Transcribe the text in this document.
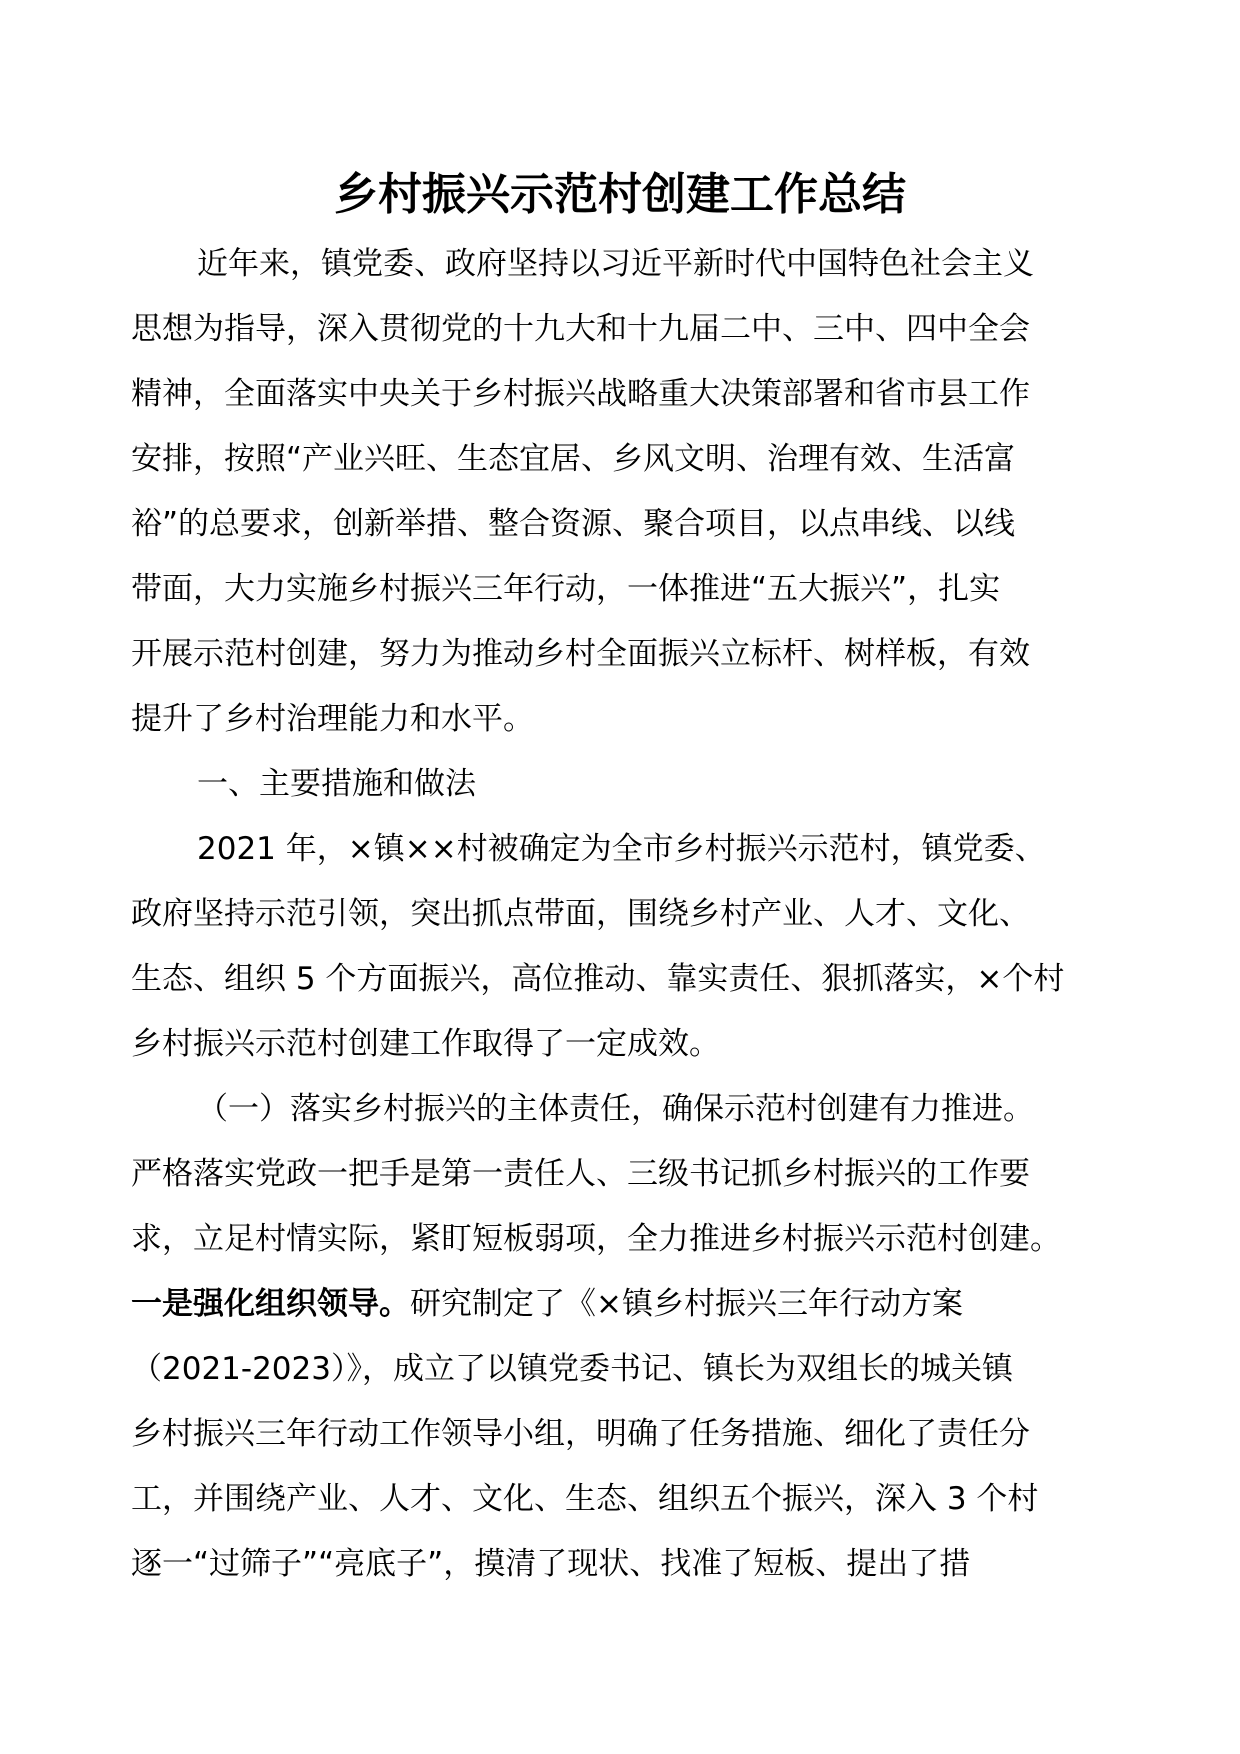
乡村振兴示范村创建工作总结
近年来，镇党委、政府坚持以习近平新时代中国特色社会主义
思想为指导，深入贯彻党的十九大和十九届二中、三中、四中全会
精神，全面落实中央关于乡村振兴战略重大决策部署和省市县工作
安排，按照“产业兴旺、生态宜居、乡风文明、治理有效、生活富
裕”的总要求，创新举措、整合资源、聚合项目，以点串线、以线
带面，大力实施乡村振兴三年行动，一体推进“五大振兴”，扎实
开展示范村创建，努力为推动乡村全面振兴立标杆、树样板，有效
提升了乡村治理能力和水平。
一、主要措施和做法
2021 年，×镇××村被确定为全市乡村振兴示范村，镇党委、
政府坚持示范引领，突出抓点带面，围绕乡村产业、人才、文化、
生态、组织 5 个方面振兴，高位推动、靠实责任、狠抓落实，×个村
乡村振兴示范村创建工作取得了一定成效。
（一）落实乡村振兴的主体责任，确保示范村创建有力推进。
严格落实党政一把手是第一责任人、三级书记抓乡村振兴的工作要
求，立足村情实际，紧盯短板弱项，全力推进乡村振兴示范村创建。
一是强化组织领导。研究制定了《×镇乡村振兴三年行动方案
（2021-2023）》，成立了以镇党委书记、镇长为双组长的城关镇
乡村振兴三年行动工作领导小组，明确了任务措施、细化了责任分
工，并围绕产业、人才、文化、生态、组织五个振兴，深入 3 个村
逐一“过筛子”“亮底子”，摸清了现状、找准了短板、提出了措
